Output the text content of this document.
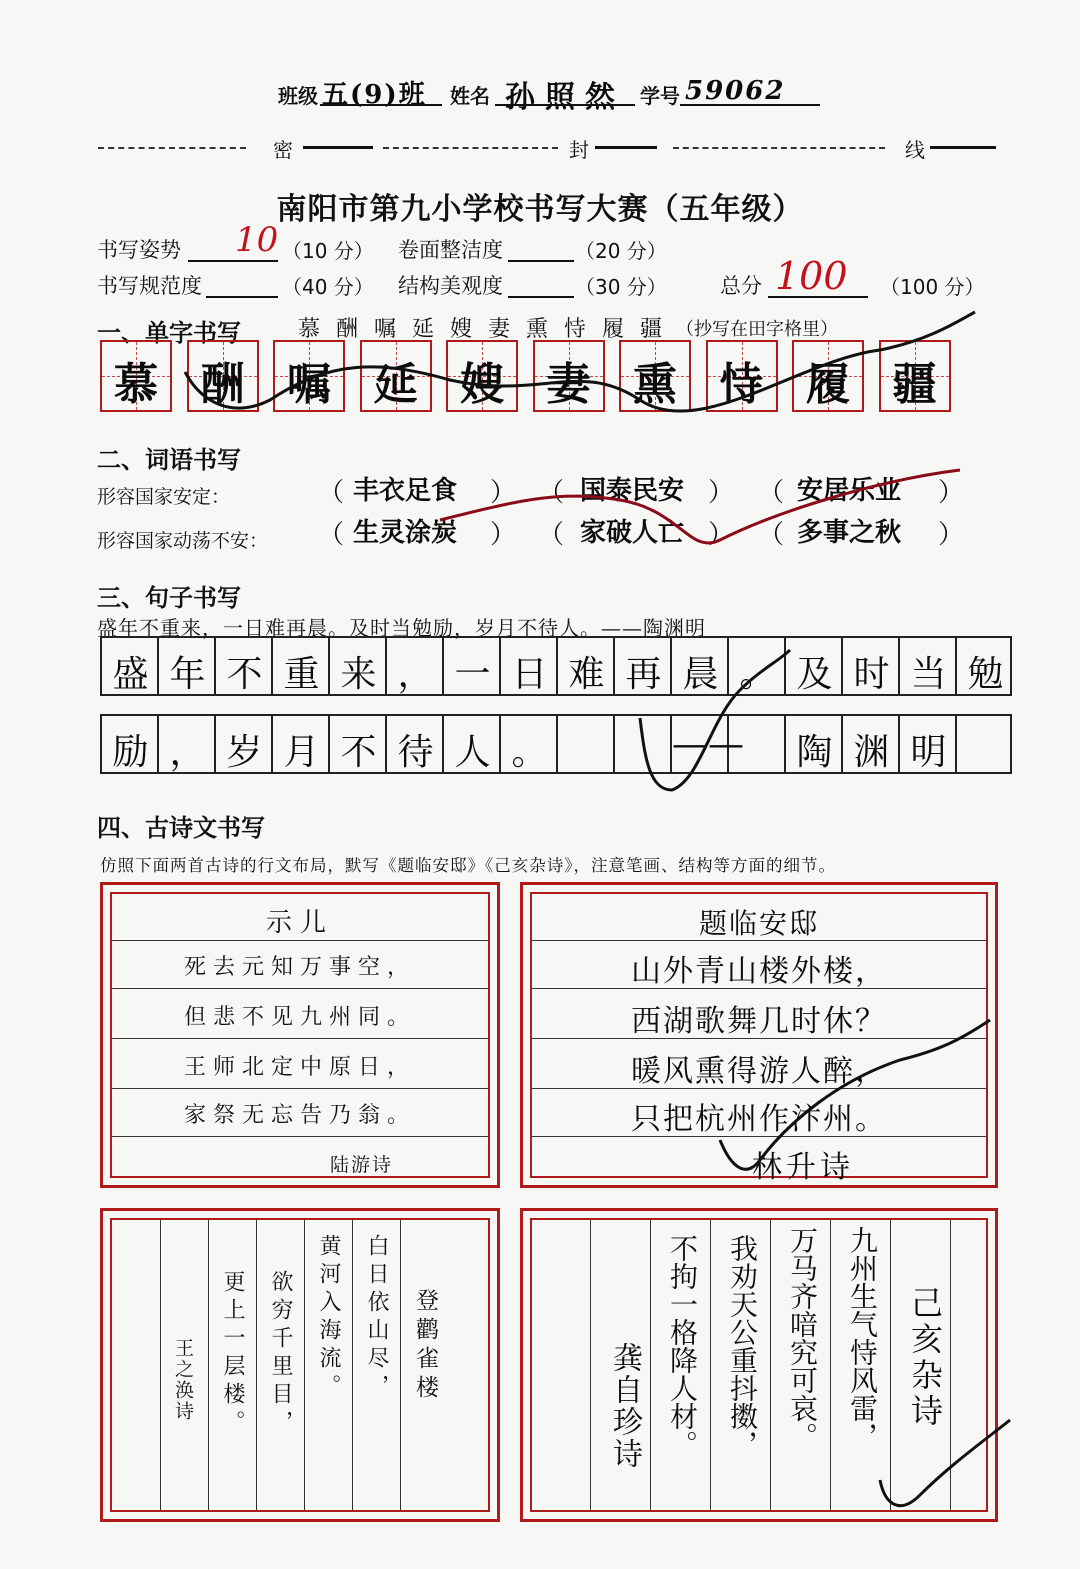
班级 五(9)班 姓名 孙照然 学号 59062
密	封	线
南阳市第九小学校书写大赛（五年级）
书写姿势 10 （10 分） 卷面整洁度	（20 分）
书写规范度	（40 分） 结构美观度	（30 分）	总分 100 （100 分）
一、单字书写	慕酬嘱延嫂妻熏恃履疆
（抄写在田字格里）
慕 酬 嘱 延 嫂 妻 熏 恃 履 疆
二、词语书写
形容国家安定：
形容国家动荡不安：
（ 丰衣足食 ） （ 国泰民安 ） （ 安居乐业 ）
（ 生灵涂炭 ） （ 家破人亡 ） （ 多事之秋 ）
三、句子书写
盛年不重来，一日难再晨。及时当勉励，岁月不待人。——陶渊明
盛 年 不 重 来 ， 一 日 难 再 晨 。 及 时 当 勉
励 ， 岁 月 不 待 人 。	—— 陶 渊 明
四、古诗文书写
仿照下面两首古诗的行文布局，默写《题临安邸》《己亥杂诗》，注意笔画、结构等方面的细节。
示儿
死去元知万事空，
但悲不见九州同。
王师北定中原日，
家祭无忘告乃翁。
陆游诗
题临安邸
山外青山楼外楼，
西湖歌舞几时休？
暖风熏得游人醉，
只把杭州作汴州。
林升诗
登鹳雀楼
白日依山尽，
黄河入海流。
欲穷千里目，
更上一层楼。
王之涣诗	己亥杂诗
九州生气恃风雷，
万马齐喑究可哀。
我劝天公重抖擞，
不拘一格降人材。
龚自珍诗
